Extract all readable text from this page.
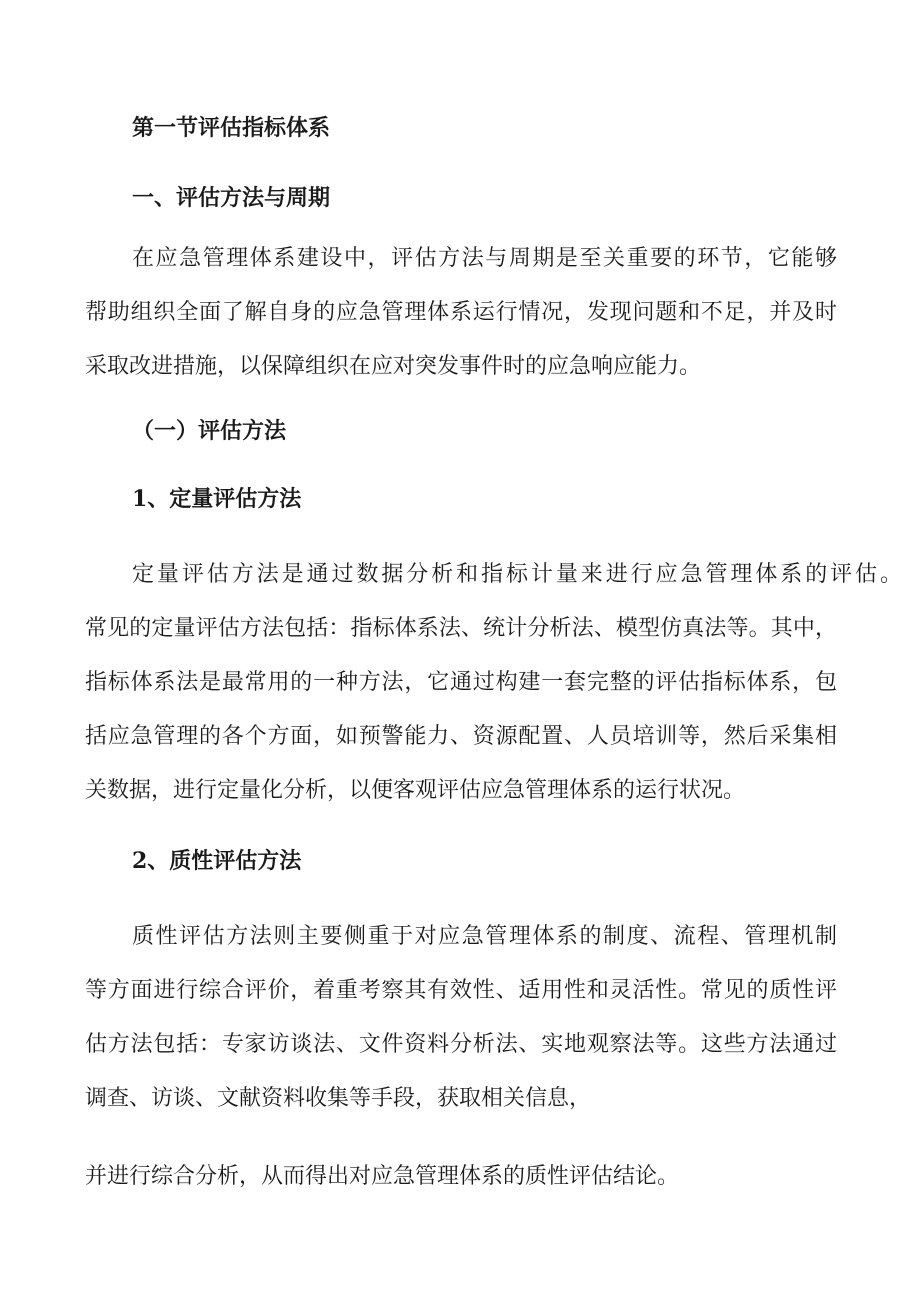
第一节评估指标体系
一、评估方法与周期

在应急管理体系建设中，评估方法与周期是至关重要的环节，它能够

帮助组织全面了解自身的应急管理体系运行情况，发现问题和不足，并及时

采取改进措施，以保障组织在应对突发事件时的应急响应能力。

（一）评估方法
1、定量评估方法

定量评估方法是通过数据分析和指标计量来进行应急管理体系的评估。

常见的定量评估方法包括：指标体系法、统计分析法、模型仿真法等。其中，

指标体系法是最常用的一种方法，它通过构建一套完整的评估指标体系，包

括应急管理的各个方面，如预警能力、资源配置、人员培训等，然后采集相

关数据，进行定量化分析，以便客观评估应急管理体系的运行状况。

2、质性评估方法

质性评估方法则主要侧重于对应急管理体系的制度、流程、管理机制

等方面进行综合评价，着重考察其有效性、适用性和灵活性。常见的质性评

估方法包括：专家访谈法、文件资料分析法、实地观察法等。这些方法通过

调查、访谈、文献资料收集等手段，获取相关信息，

并进行综合分析，从而得出对应急管理体系的质性评估结论。
